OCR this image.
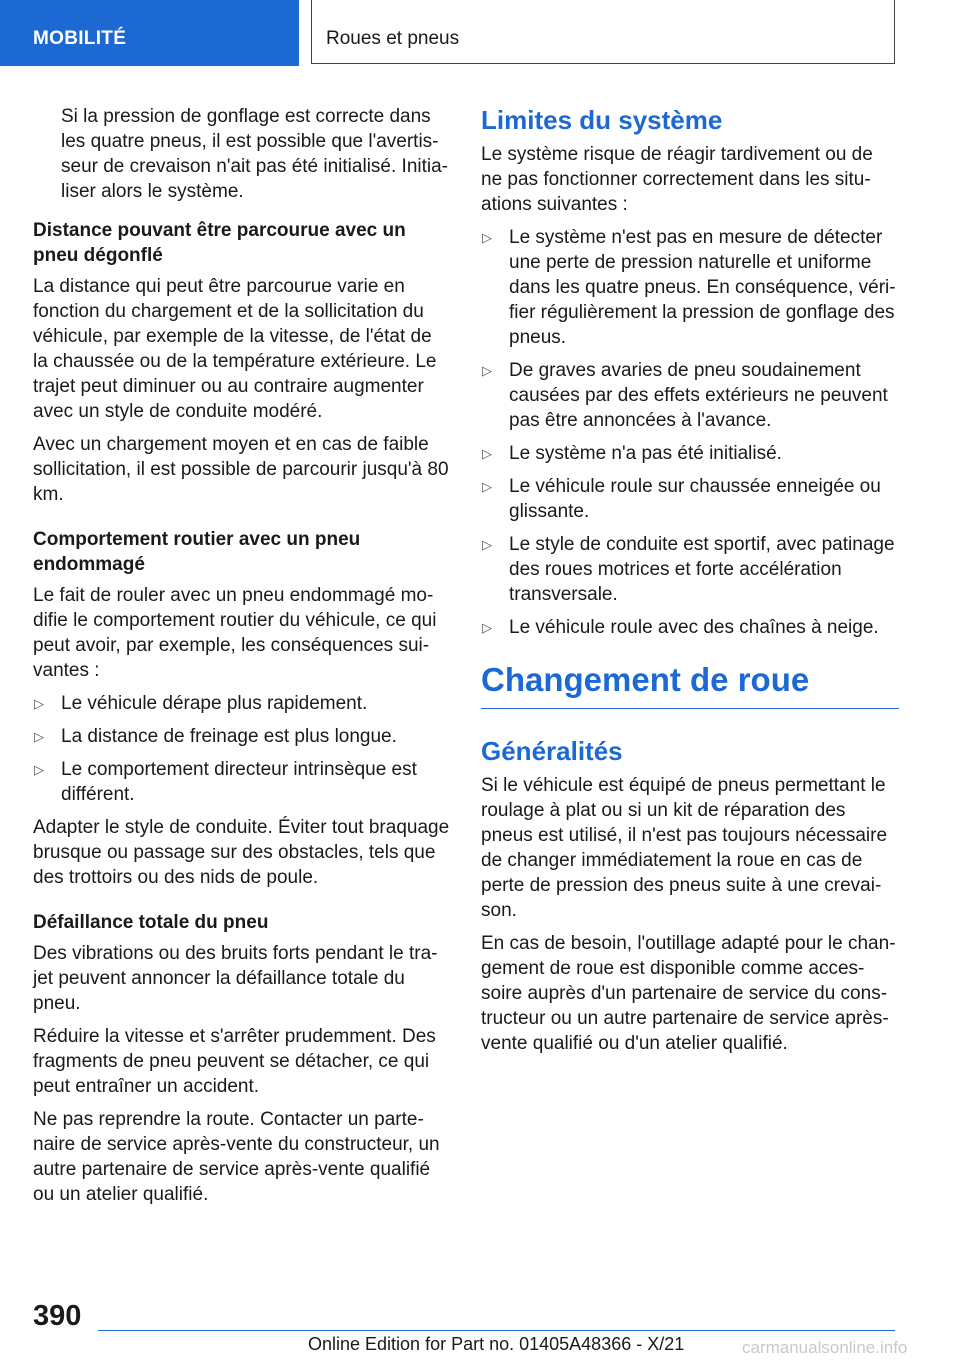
MOBILITÉ	Roues et pneus

Si la pression de gonflage est correcte dans les quatre pneus, il est possible que l'avertisseur de crevaison n'ait pas été initialisé. Initialiser alors le système.

Distance pouvant être parcourue avec un pneu dégonflé

La distance qui peut être parcourue varie en fonction du chargement et de la sollicitation du véhicule, par exemple de la vitesse, de l'état de la chaussée ou de la température extérieure. Le trajet peut diminuer ou au contraire augmenter avec un style de conduite modéré.

Avec un chargement moyen et en cas de faible sollicitation, il est possible de parcourir jusqu'à 80 km.

Comportement routier avec un pneu endommagé

Le fait de rouler avec un pneu endommagé modifie le comportement routier du véhicule, ce qui peut avoir, par exemple, les conséquences suivantes :

▷ Le véhicule dérape plus rapidement.
▷ La distance de freinage est plus longue.
▷ Le comportement directeur intrinsèque est différent.

Adapter le style de conduite. Éviter tout braquage brusque ou passage sur des obstacles, tels que des trottoirs ou des nids de poule.

Défaillance totale du pneu

Des vibrations ou des bruits forts pendant le trajet peuvent annoncer la défaillance totale du pneu.

Réduire la vitesse et s'arrêter prudemment. Des fragments de pneu peuvent se détacher, ce qui peut entraîner un accident.

Ne pas reprendre la route. Contacter un partenaire de service après-vente du constructeur, un autre partenaire de service après-vente qualifié ou un atelier qualifié.

Limites du système

Le système risque de réagir tardivement ou de ne pas fonctionner correctement dans les situations suivantes :

▷ Le système n'est pas en mesure de détecter une perte de pression naturelle et uniforme dans les quatre pneus. En conséquence, vérifier régulièrement la pression de gonflage des pneus.
▷ De graves avaries de pneu soudainement causées par des effets extérieurs ne peuvent pas être annoncées à l'avance.
▷ Le système n'a pas été initialisé.
▷ Le véhicule roule sur chaussée enneigée ou glissante.
▷ Le style de conduite est sportif, avec patinage des roues motrices et forte accélération transversale.
▷ Le véhicule roule avec des chaînes à neige.
Changement de roue
Généralités

Si le véhicule est équipé de pneus permettant le roulage à plat ou si un kit de réparation des pneus est utilisé, il n'est pas toujours nécessaire de changer immédiatement la roue en cas de perte de pression des pneus suite à une crevaison.

En cas de besoin, l'outillage adapté pour le changement de roue est disponible comme accessoire auprès d'un partenaire de service du constructeur ou un autre partenaire de service après-vente qualifié ou d'un atelier qualifié.

390
Online Edition for Part no. 01405A48366 - X/21	carmanualsonline.info
